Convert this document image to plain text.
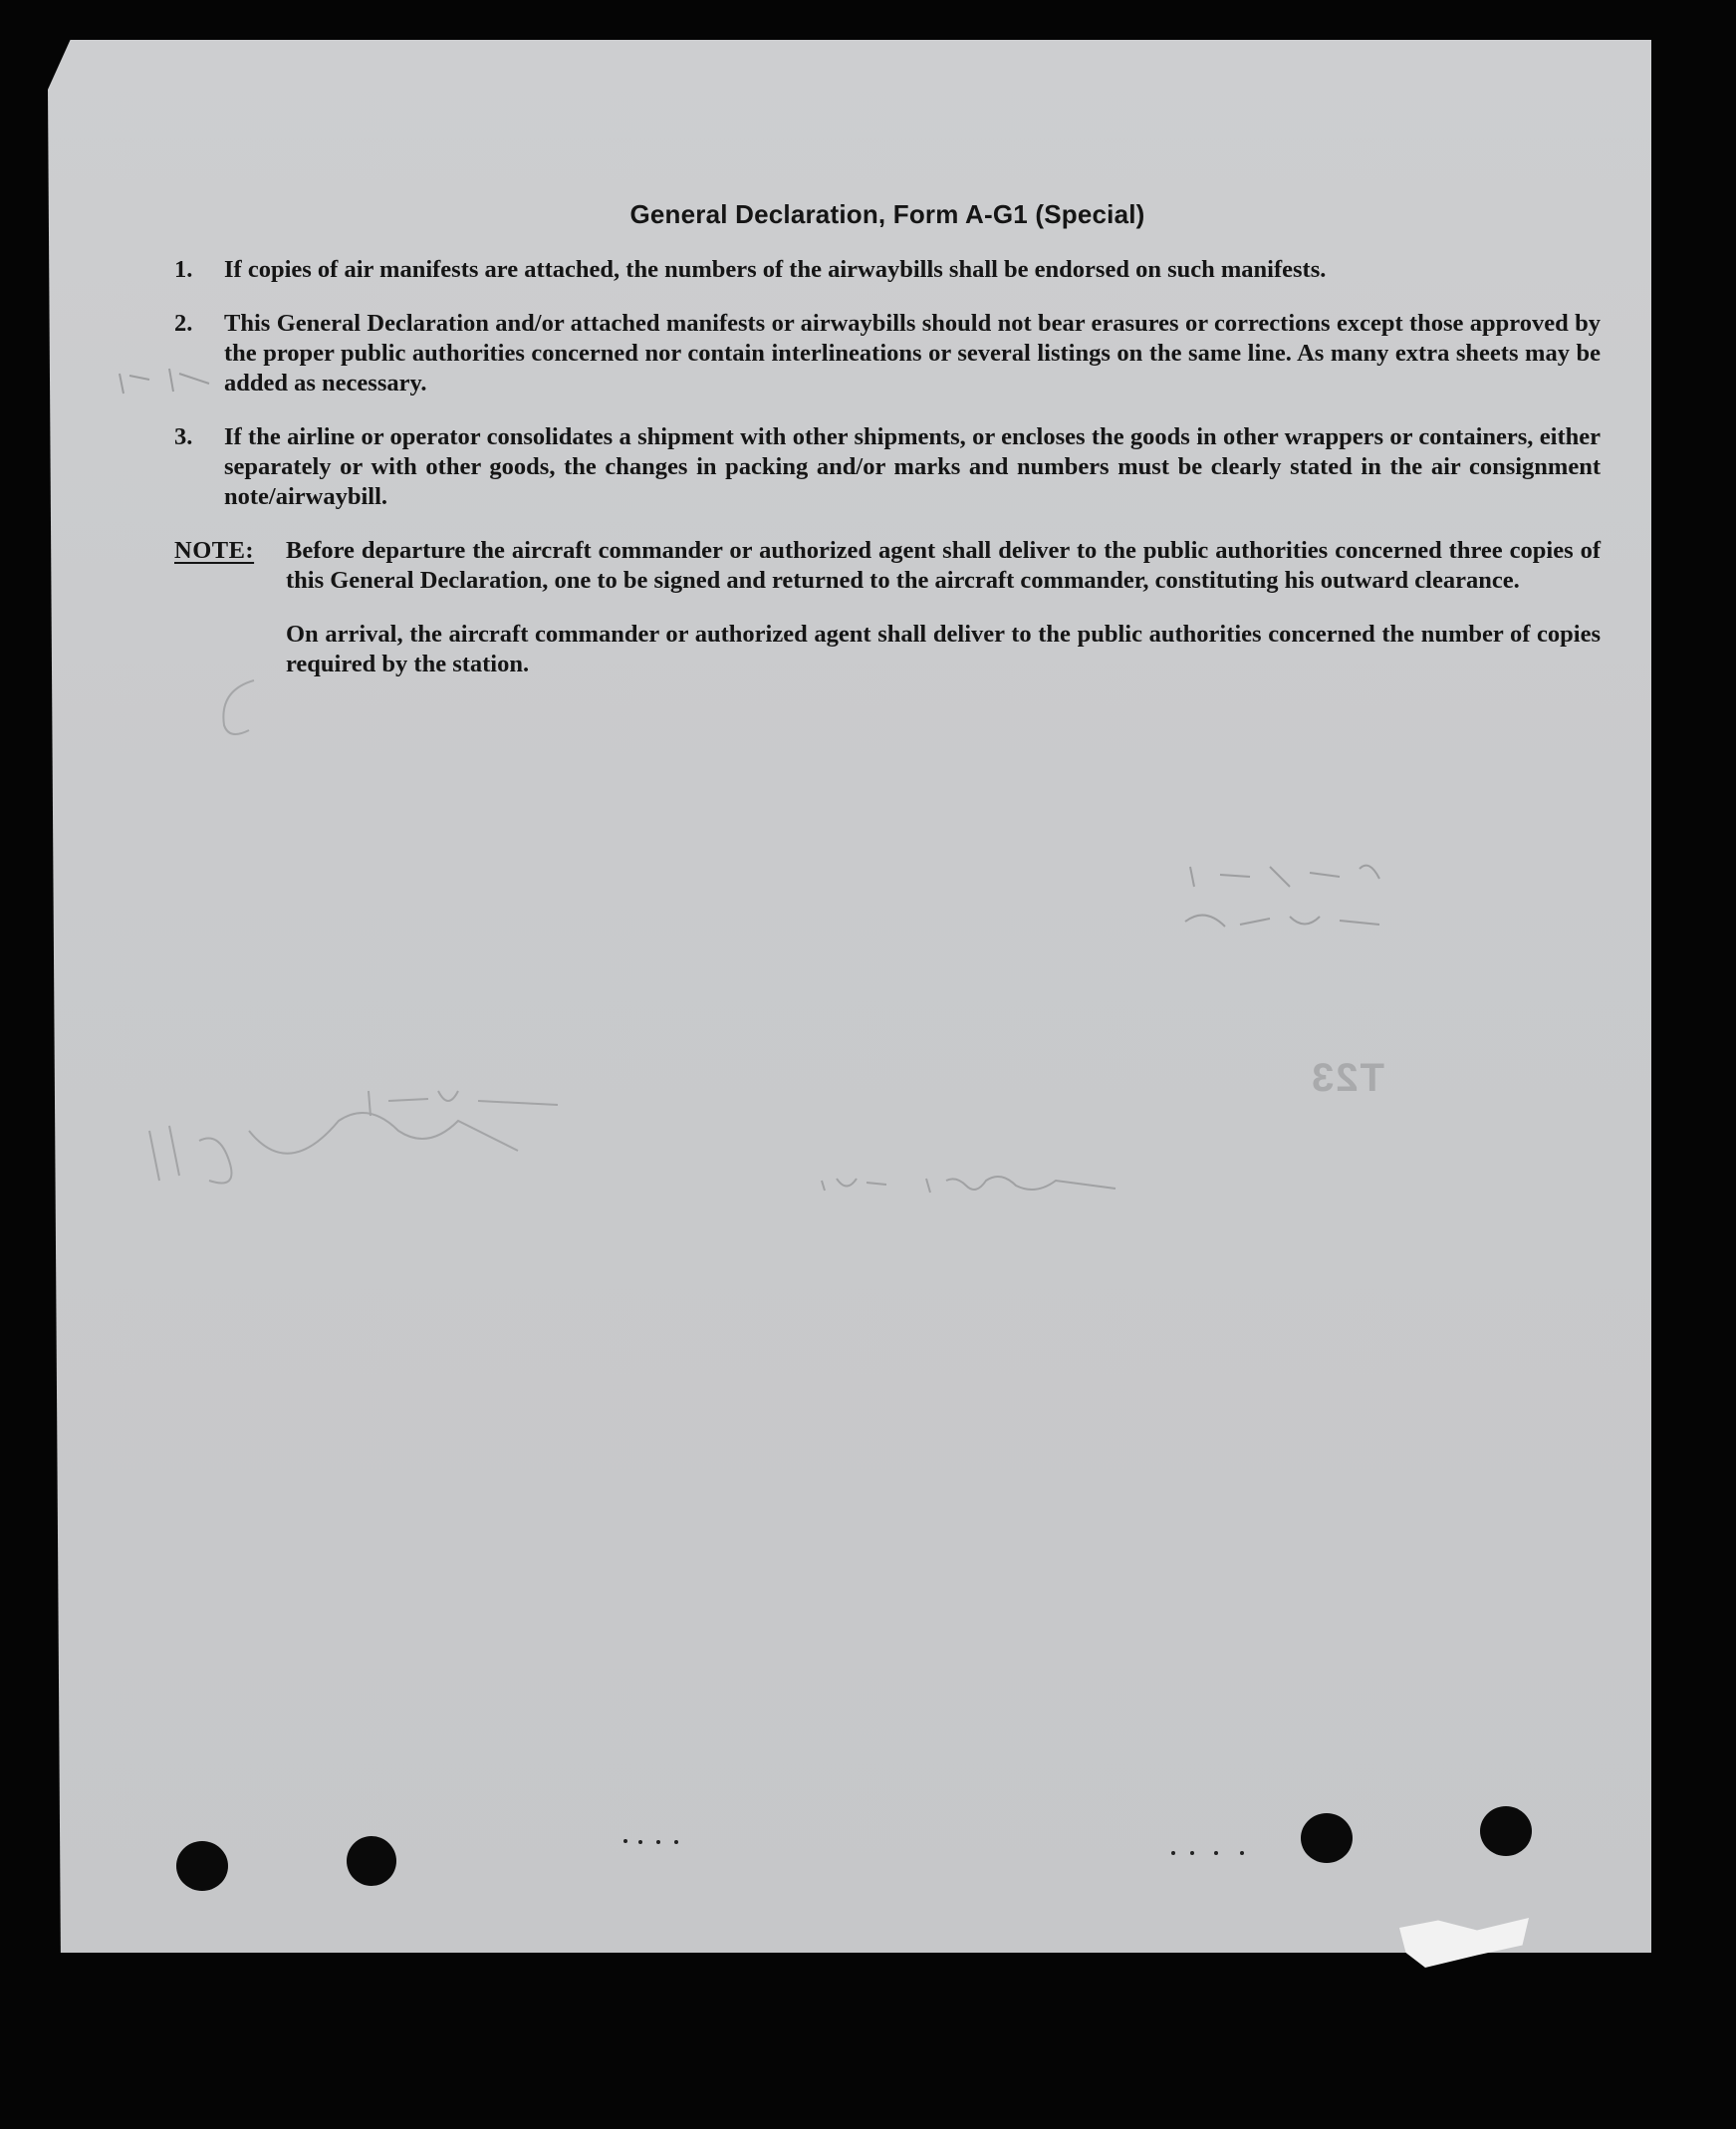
T23
General Declaration, Form A-G1 (Special)
1.	If copies of air manifests are attached, the numbers of the airwaybills shall be endorsed on such manifests.
2.	This General Declaration and/or attached manifests or airwaybills should not bear erasures or corrections except those approved by the proper public authorities concerned nor contain interlineations or several listings on the same line. As many extra sheets may be added as necessary.
3.	If the airline or operator consolidates a shipment with other shipments, or encloses the goods in other wrappers or containers, either separately or with other goods, the changes in packing and/or marks and numbers must be clearly stated in the air consignment note/airwaybill.
NOTE:	Before departure the aircraft commander or authorized agent shall deliver to the public authorities concerned three copies of this General Declaration, one to be signed and returned to the aircraft commander, constituting his outward clearance.
On arrival, the aircraft commander or authorized agent shall deliver to the public authorities concerned the number of copies required by the station.
